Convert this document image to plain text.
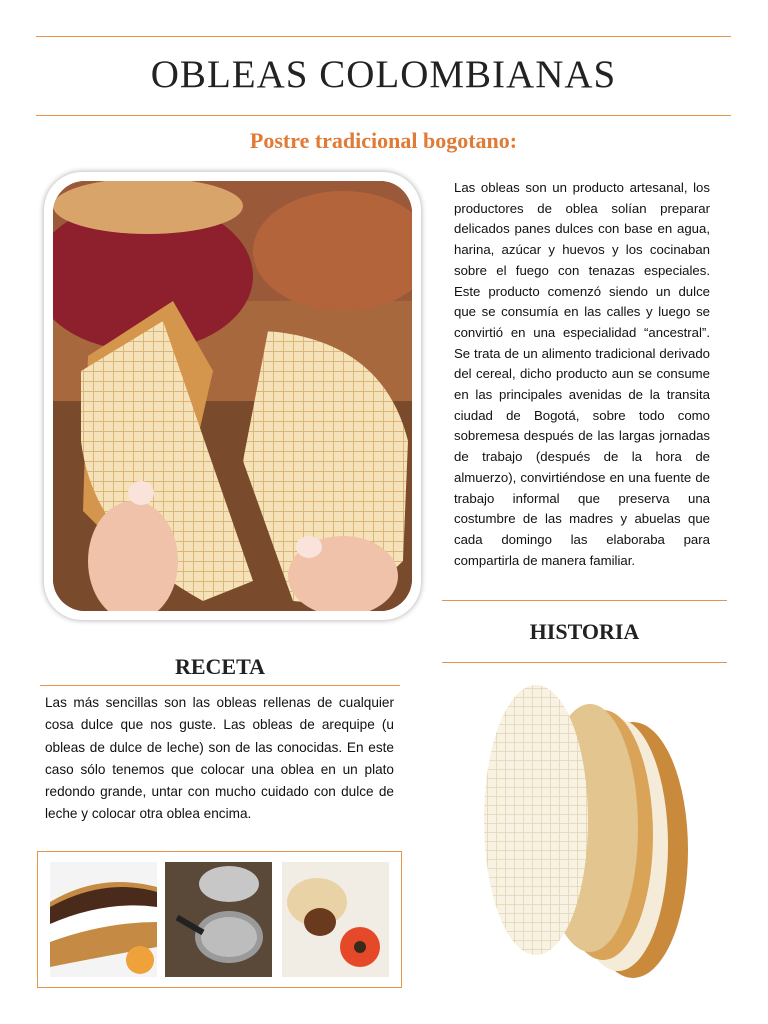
OBLEAS COLOMBIANAS
Postre tradicional bogotano:
Las obleas son un producto artesanal, los productores de oblea solían preparar delicados panes dulces con base en agua, harina, azúcar y huevos y los cocinaban sobre el fuego con tenazas especiales. Este producto comenzó siendo un dulce que se consumía en las calles y luego se convirtió en una especialidad “ancestral”. Se trata de un alimento tradicional derivado del cereal, dicho producto aun se consume en las principales avenidas de la transita ciudad de Bogotá, sobre todo como sobremesa después de las largas jornadas de trabajo (después de la hora de almuerzo), convirtiéndose en una fuente de trabajo informal que preserva una costumbre de las madres y abuelas que cada domingo las elaboraba para compartirla de manera familiar.
HISTORIA
RECETA
Las más sencillas son las obleas rellenas de cualquier cosa dulce que nos guste. Las obleas de arequipe (u obleas de dulce de leche) son de las conocidas. En este caso sólo tenemos que colocar una oblea en un plato redondo grande, untar con mucho cuidado con dulce de leche y colocar otra oblea encima.
